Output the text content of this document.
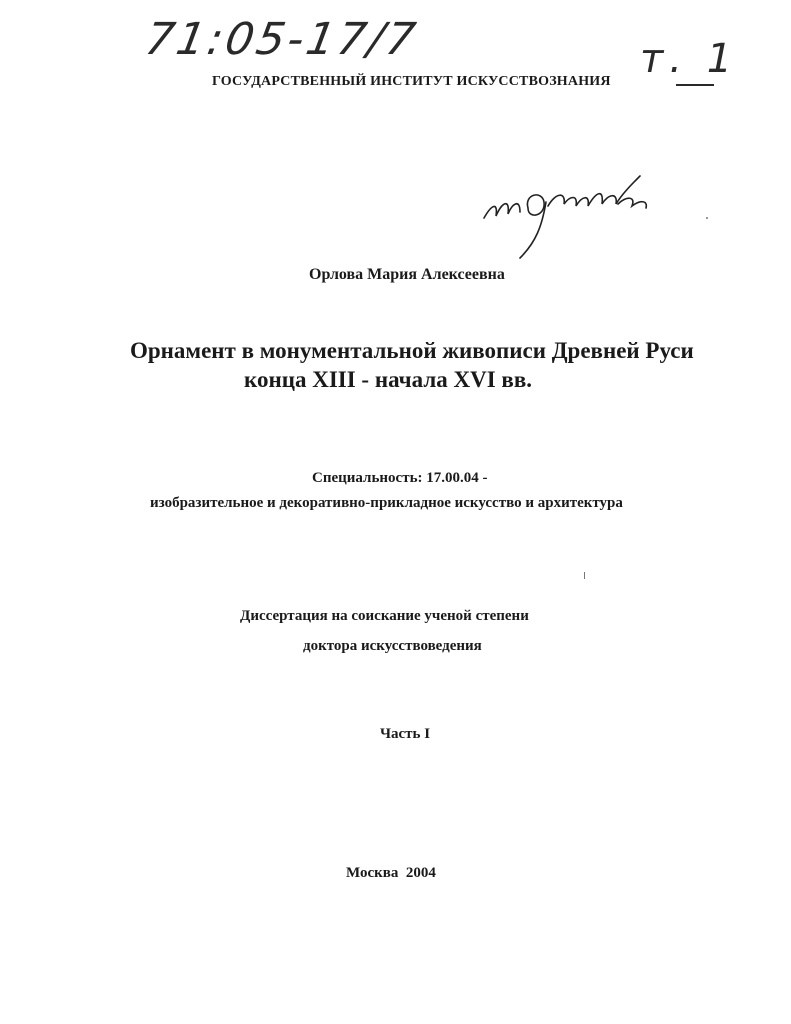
71:05-17/7	т. 1
ГОСУДАРСТВЕННЫЙ ИНСТИТУТ ИСКУССТВОЗНАНИЯ
Орлова Мария Алексеевна
Орнамент в монументальной живописи Древней Руси
конца XIII - начала XVI вв.
Специальность: 17.00.04 -
изобразительное и декоративно-прикладное искусство и архитектура
Диссертация на соискание ученой степени
доктора искусствоведения
Часть I
Москва  2004
